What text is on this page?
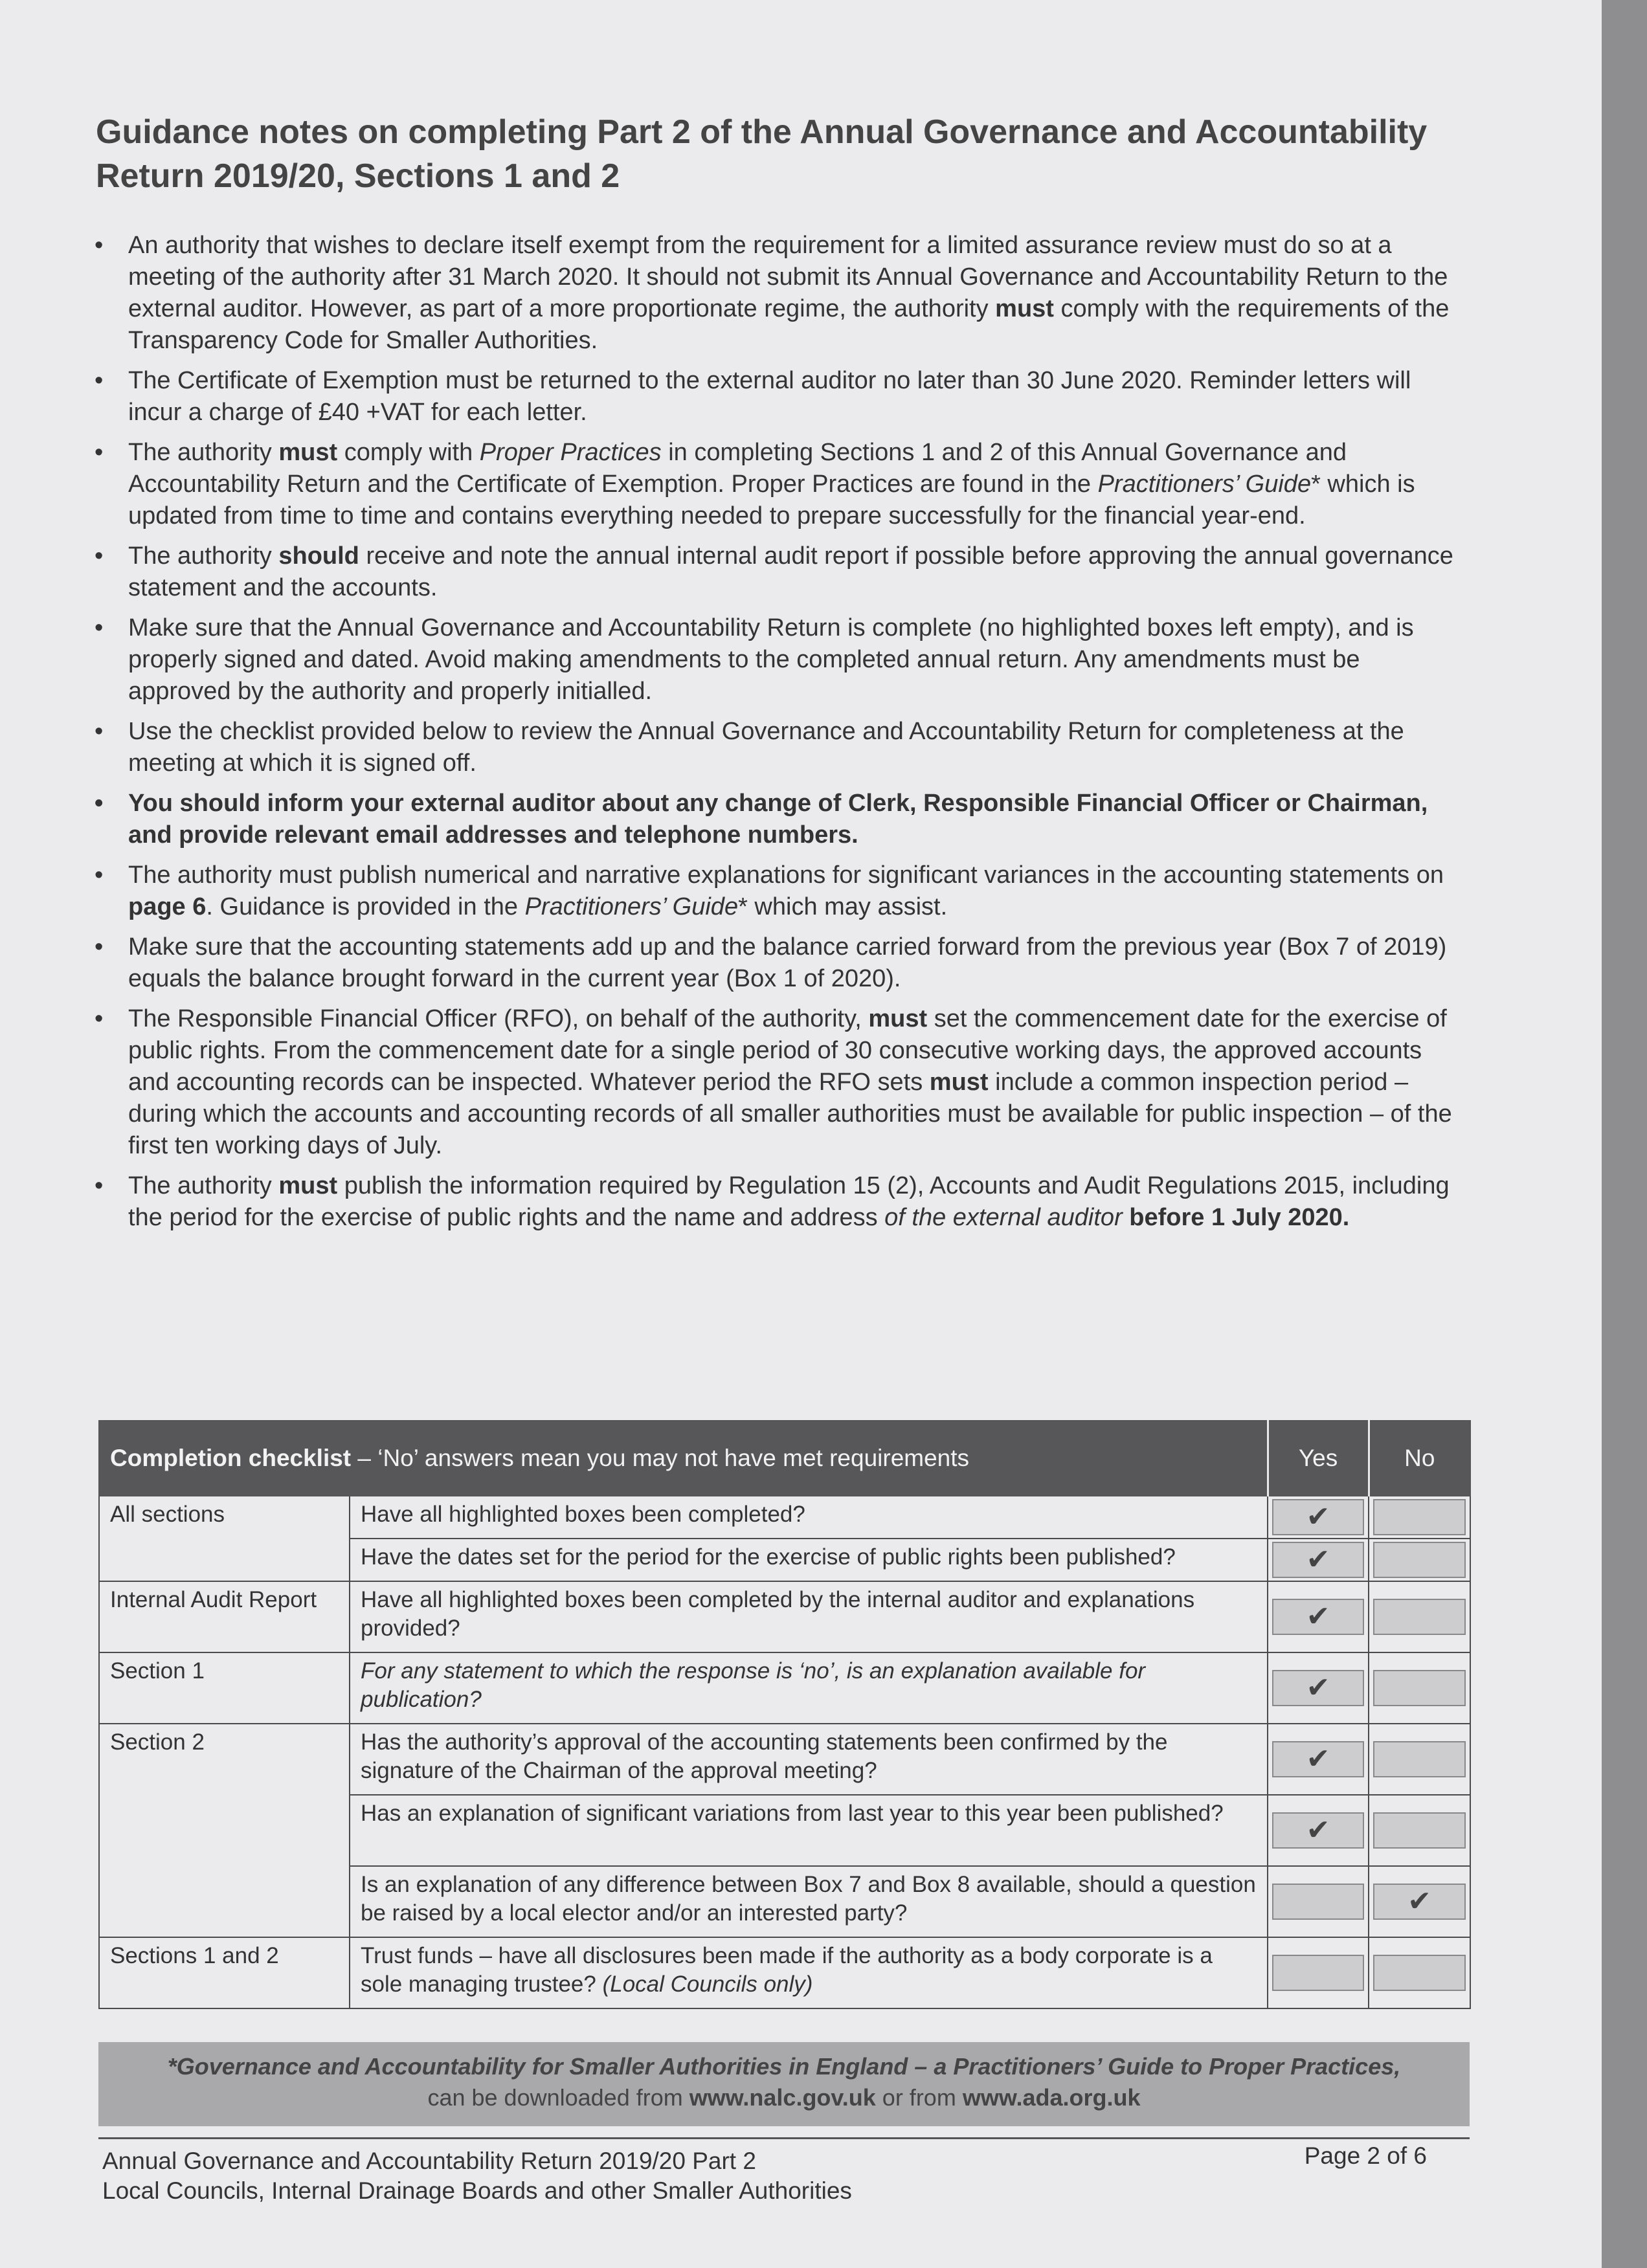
Guidance notes on completing Part 2 of the Annual Governance and Accountability Return 2019/20, Sections 1 and 2
• An authority that wishes to declare itself exempt from the requirement for a limited assurance review must do so at a meeting of the authority after 31 March 2020. It should not submit its Annual Governance and Accountability Return to the external auditor. However, as part of a more proportionate regime, the authority must comply with the requirements of the Transparency Code for Smaller Authorities.
• The Certificate of Exemption must be returned to the external auditor no later than 30 June 2020. Reminder letters will incur a charge of £40 +VAT for each letter.
• The authority must comply with Proper Practices in completing Sections 1 and 2 of this Annual Governance and Accountability Return and the Certificate of Exemption. Proper Practices are found in the Practitioners’ Guide* which is updated from time to time and contains everything needed to prepare successfully for the financial year-end.
• The authority should receive and note the annual internal audit report if possible before approving the annual governance statement and the accounts.
• Make sure that the Annual Governance and Accountability Return is complete (no highlighted boxes left empty), and is properly signed and dated. Avoid making amendments to the completed annual return. Any amendments must be approved by the authority and properly initialled.
• Use the checklist provided below to review the Annual Governance and Accountability Return for completeness at the meeting at which it is signed off.
• You should inform your external auditor about any change of Clerk, Responsible Financial Officer or Chairman, and provide relevant email addresses and telephone numbers.
• The authority must publish numerical and narrative explanations for significant variances in the accounting statements on page 6. Guidance is provided in the Practitioners’ Guide* which may assist.
• Make sure that the accounting statements add up and the balance carried forward from the previous year (Box 7 of 2019) equals the balance brought forward in the current year (Box 1 of 2020).
• The Responsible Financial Officer (RFO), on behalf of the authority, must set the commencement date for the exercise of public rights. From the commencement date for a single period of 30 consecutive working days, the approved accounts and accounting records can be inspected. Whatever period the RFO sets must include a common inspection period – during which the accounts and accounting records of all smaller authorities must be available for public inspection – of the first ten working days of July.
• The authority must publish the information required by Regulation 15 (2), Accounts and Audit Regulations 2015, including the period for the exercise of public rights and the name and address of the external auditor before 1 July 2020.
Completion checklist – ‘No’ answers mean you may not have met requirements		Yes	No
All sections	Have all highlighted boxes been completed?	✔	

	Have the dates set for the period for the exercise of public rights been published?	✔	

Internal Audit Report	Have all highlighted boxes been completed by the internal auditor and explanations provided?	✔	

Section 1	For any statement to which the response is ‘no’, is an explanation available for publication?	✔	

Section 2	Has the authority’s approval of the accounting statements been confirmed by the signature of the Chairman of the approval meeting?	✔	

	Has an explanation of significant variations from last year to this year been published?	✔	

	Is an explanation of any difference between Box 7 and Box 8 available, should a question be raised by a local elector and/or an interested party?		✔

Sections 1 and 2	Trust funds – have all disclosures been made if the authority as a body corporate is a sole managing trustee? (Local Councils only)	

*Governance and Accountability for Smaller Authorities in England – a Practitioners’ Guide to Proper Practices,
can be downloaded from www.nalc.gov.uk or from www.ada.org.uk
Annual Governance and Accountability Return 2019/20 Part 2
Local Councils, Internal Drainage Boards and other Smaller Authorities
Page 2 of 6
